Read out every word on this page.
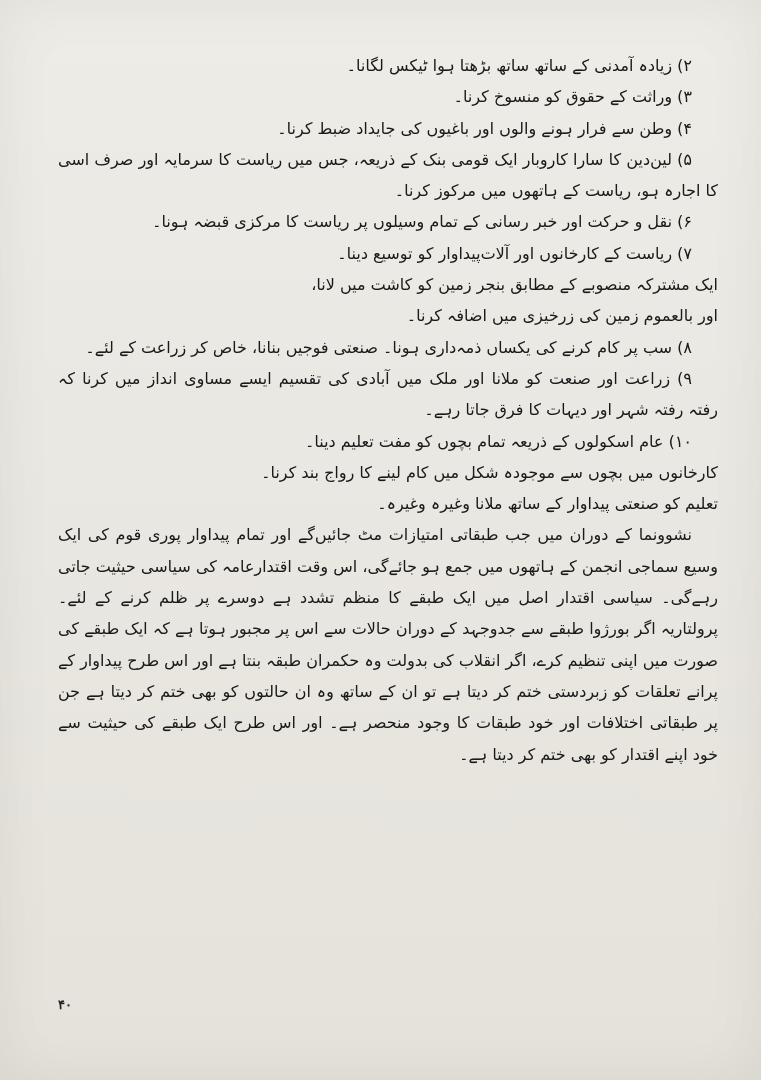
۲) زیادہ آمدنی کے ساتھ ساتھ بڑھتا ہوا ٹیکس لگانا۔

۳) وراثت کے حقوق کو منسوخ کرنا۔

۴) وطن سے فرار ہونے والوں اور باغیوں کی جایداد ضبط کرنا۔

۵) لین‌دین کا سارا کاروبار ایک قومی بنک کے ذریعہ، جس میں ریاست کا سرمایہ اور صرف اسی کا اجارہ ہو، ریاست کے ہاتھوں میں مرکوز کرنا۔

۶) نقل و حرکت اور خبر رسانی کے تمام وسیلوں پر ریاست کا مرکزی قبضہ ہونا۔

۷) ریاست کے کارخانوں اور آلات‌پیداوار کو توسیع دینا۔

ایک مشترکہ منصوبے کے مطابق بنجر زمین کو کاشت میں لانا،

اور بالعموم زمین کی زرخیزی میں اضافہ کرنا۔

۸) سب پر کام کرنے کی یکساں ذمہ‌داری ہونا۔ صنعتی فوجیں بنانا، خاص کر زراعت کے لئے۔

۹) زراعت اور صنعت کو ملانا اور ملک میں آبادی کی تقسیم ایسے مساوی انداز میں کرنا کہ رفتہ رفتہ شہر اور دیہات کا فرق جاتا رہے۔

۱۰) عام اسکولوں کے ذریعہ تمام بچوں کو مفت تعلیم دینا۔

کارخانوں میں بچوں سے موجودہ شکل میں کام لینے کا رواج بند کرنا۔

تعلیم کو صنعتی پیداوار کے ساتھ ملانا وغیرہ وغیرہ۔

نشوونما کے دوران میں جب طبقاتی امتیازات مٹ جائیں‌گے اور تمام پیداوار پوری قوم کی ایک وسیع سماجی انجمن کے ہاتھوں میں جمع ہو جائےگی، اس وقت اقتدارعامہ کی سیاسی حیثیت جاتی رہےگی۔ سیاسی اقتدار اصل میں ایک طبقے کا منظم تشدد ہے دوسرے پر ظلم کرنے کے لئے۔ پرولتاریہ اگر بورژوا طبقے سے جدوجہد کے دوران حالات سے اس پر مجبور ہوتا ہے کہ ایک طبقے کی صورت میں اپنی تنظیم کرے، اگر انقلاب کی بدولت وہ حکمران طبقہ بنتا ہے اور اس طرح پیداوار کے پرانے تعلقات کو زبردستی ختم کر دیتا ہے تو ان کے ساتھ وہ ان حالتوں کو بھی ختم کر دیتا ہے جن پر طبقاتی اختلافات اور خود طبقات کا وجود منحصر ہے۔ اور اس طرح ایک طبقے کی حیثیت سے خود اپنے اقتدار کو بھی ختم کر دیتا ہے۔

۴۰
